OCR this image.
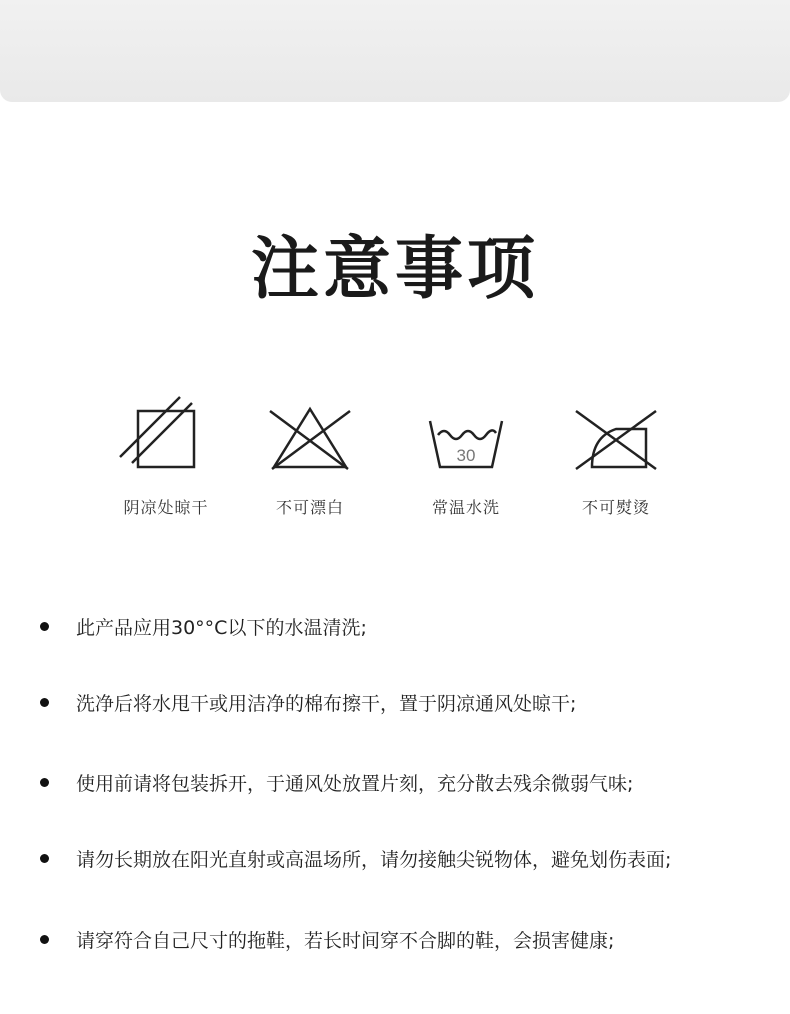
注意事项
阴凉处晾干	不可漂白
30
常温水洗	不可熨烫
此产品应用30°°C以下的水温清洗;
洗净后将水甩干或用洁净的棉布擦干，置于阴凉通风处晾干;
使用前请将包装拆开，于通风处放置片刻，充分散去残余微弱气味;
请勿长期放在阳光直射或高温场所，请勿接触尖锐物体，避免划伤表面;
请穿符合自己尺寸的拖鞋，若长时间穿不合脚的鞋，会损害健康;
